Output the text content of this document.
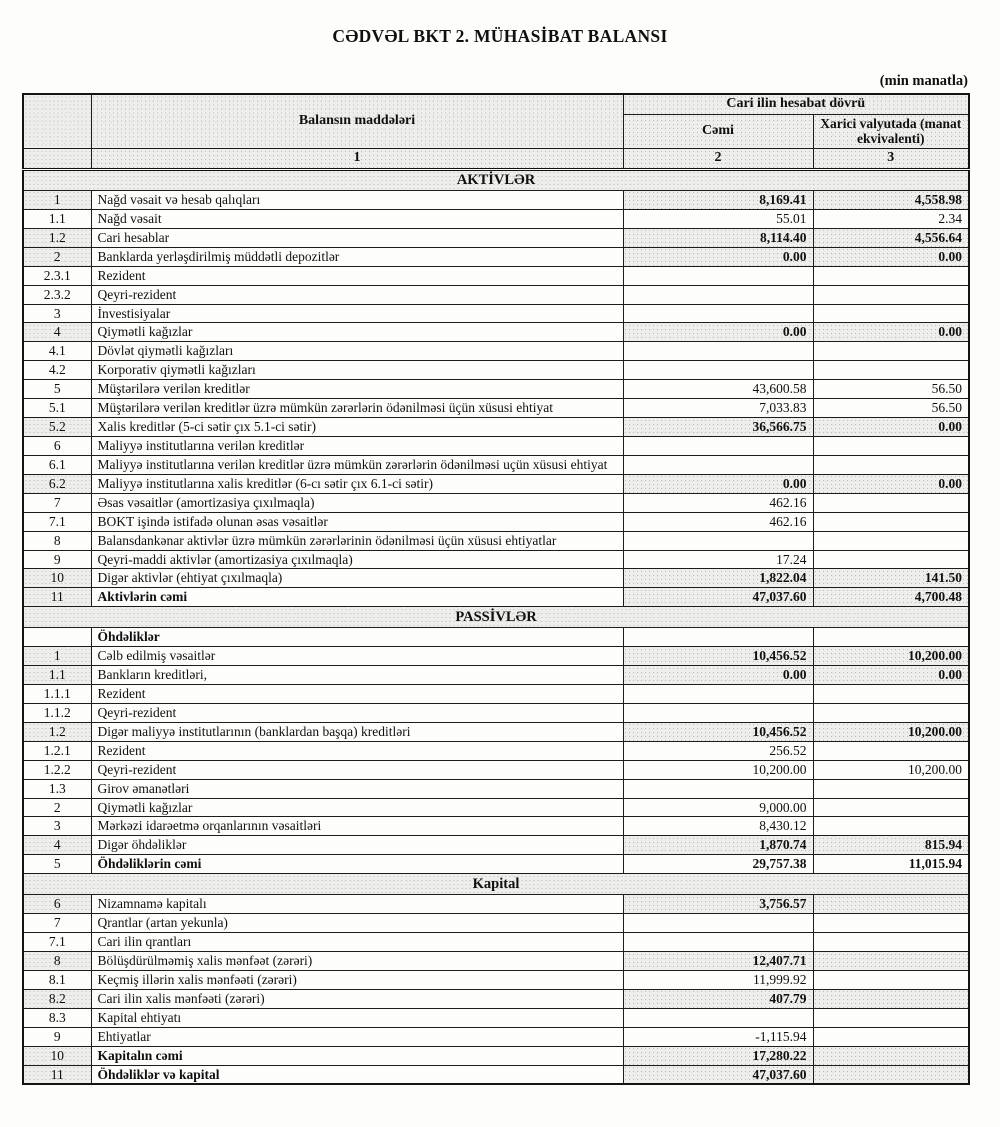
CƏDVƏL BKT 2. MÜHASİBAT BALANSI
(min manatla)
	Balansın maddələri	Cari ilin hesabat dövrü	
		Cəmi	Xarici valyutada (manat ekvivalenti)
	1	2	3
AKTİVLƏR			
1	Nağd vəsait və hesab qalıqları	8,169.41	4,558.98
1.1	Nağd vəsait	55.01	2.34
1.2	Cari hesablar	8,114.40	4,556.64
2	Banklarda yerləşdirilmiş müddətli depozitlər	0.00	0.00
2.3.1	Rezident		
2.3.2	Qeyri-rezident		
3	İnvestisiyalar		
4	Qiymətli kağızlar	0.00	0.00
4.1	Dövlət qiymətli kağızları		
4.2	Korporativ qiymətli kağızları		
5	Müştərilərə verilən kreditlər	43,600.58	56.50
5.1	Müştərilərə verilən kreditlər üzrə mümkün zərərlərin ödənilməsi üçün xüsusi ehtiyat	7,033.83	56.50
5.2	Xalis kreditlər (5-ci sətir çıx 5.1-ci sətir)	36,566.75	0.00
6	Maliyyə institutlarına verilən kreditlər		
6.1	Maliyyə institutlarına verilən kreditlər üzrə mümkün zərərlərin ödənilməsi uçün xüsusi ehtiyat		
6.2	Maliyyə institutlarına xalis kreditlər (6-cı sətir çıx 6.1-ci sətir)	0.00	0.00
7	Əsas vəsaitlər (amortizasiya çıxılmaqla)	462.16	
7.1	BOKT işində istifadə olunan əsas vəsaitlər	462.16	
8	Balansdankənar aktivlər üzrə mümkün zərərlərinin ödənilməsi üçün xüsusi ehtiyatlar		
9	Qeyri-maddi aktivlər (amortizasiya çıxılmaqla)	17.24	
10	Digər aktivlər (ehtiyat çıxılmaqla)	1,822.04	141.50
11	Aktivlərin cəmi	47,037.60	4,700.48
PASSİVLƏR			
	Öhdəliklər		
1	Cəlb edilmiş vəsaitlər	10,456.52	10,200.00
1.1	Bankların kreditləri,	0.00	0.00
1.1.1	Rezident		
1.1.2	Qeyri-rezident		
1.2	Digər maliyyə institutlarının (banklardan başqa) kreditləri	10,456.52	10,200.00
1.2.1	Rezident	256.52	
1.2.2	Qeyri-rezident	10,200.00	10,200.00
1.3	Girov əmanətləri		
2	Qiymətli kağızlar	9,000.00	
3	Mərkəzi idarəetmə orqanlarının vəsaitləri	8,430.12	
4	Digər öhdəliklər	1,870.74	815.94
5	Öhdəliklərin cəmi	29,757.38	11,015.94
Kapital			
6	Nizamnamə kapitalı	3,756.57	
7	Qrantlar (artan yekunla)		
7.1	Cari ilin qrantları		
8	Bölüşdürülməmiş xalis mənfəət (zərəri)	12,407.71	
8.1	Keçmiş illərin xalis mənfəəti (zərəri)	11,999.92	
8.2	Cari ilin xalis mənfəəti (zərəri)	407.79	
8.3	Kapital ehtiyatı		
9	Ehtiyatlar	-1,115.94	
10	Kapitalın cəmi	17,280.22	
11	Öhdəliklər və kapital	47,037.60	
